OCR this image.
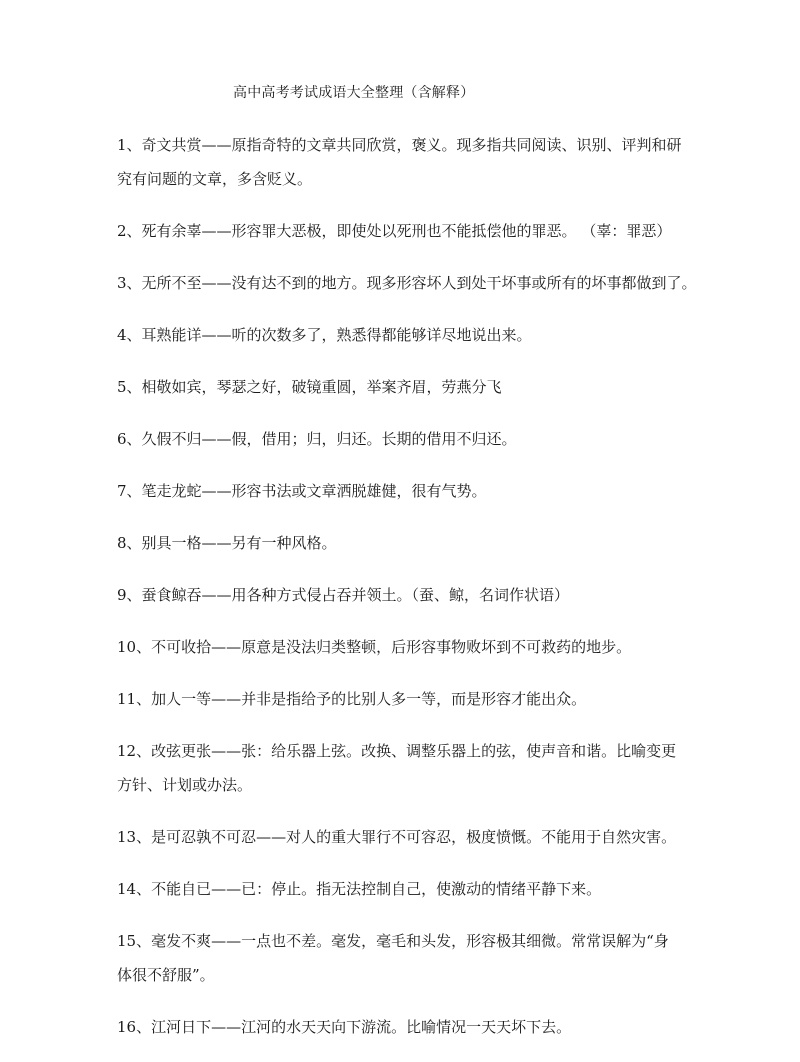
高中高考考试成语大全整理（含解释）
1、奇文共赏——原指奇特的文章共同欣赏，褒义。现多指共同阅读、识别、评判和研
究有问题的文章，多含贬义。
2、死有余辜——形容罪大恶极，即使处以死刑也不能抵偿他的罪恶。 （辜：罪恶）
3、无所不至——没有达不到的地方。现多形容坏人到处干坏事或所有的坏事都做到了。
4、耳熟能详——听的次数多了，熟悉得都能够详尽地说出来。
5、相敬如宾，琴瑟之好，破镜重圆，举案齐眉，劳燕分飞
6、久假不归——假，借用；归，归还。长期的借用不归还。
7、笔走龙蛇——形容书法或文章洒脱雄健，很有气势。
8、别具一格——另有一种风格。
9、蚕食鲸吞——用各种方式侵占吞并领土。（蚕、鲸，名词作状语）
10、不可收拾——原意是没法归类整顿，后形容事物败坏到不可救药的地步。
11、加人一等——并非是指给予的比别人多一等，而是形容才能出众。
12、改弦更张——张：给乐器上弦。改换、调整乐器上的弦，使声音和谐。比喻变更
方针、计划或办法。
13、是可忍孰不可忍——对人的重大罪行不可容忍，极度愤慨。不能用于自然灾害。
14、不能自已——已：停止。指无法控制自己，使激动的情绪平静下来。
15、毫发不爽——一点也不差。毫发，毫毛和头发，形容极其细微。常常误解为“身
体很不舒服”。
16、江河日下——江河的水天天向下游流。比喻情况一天天坏下去。
